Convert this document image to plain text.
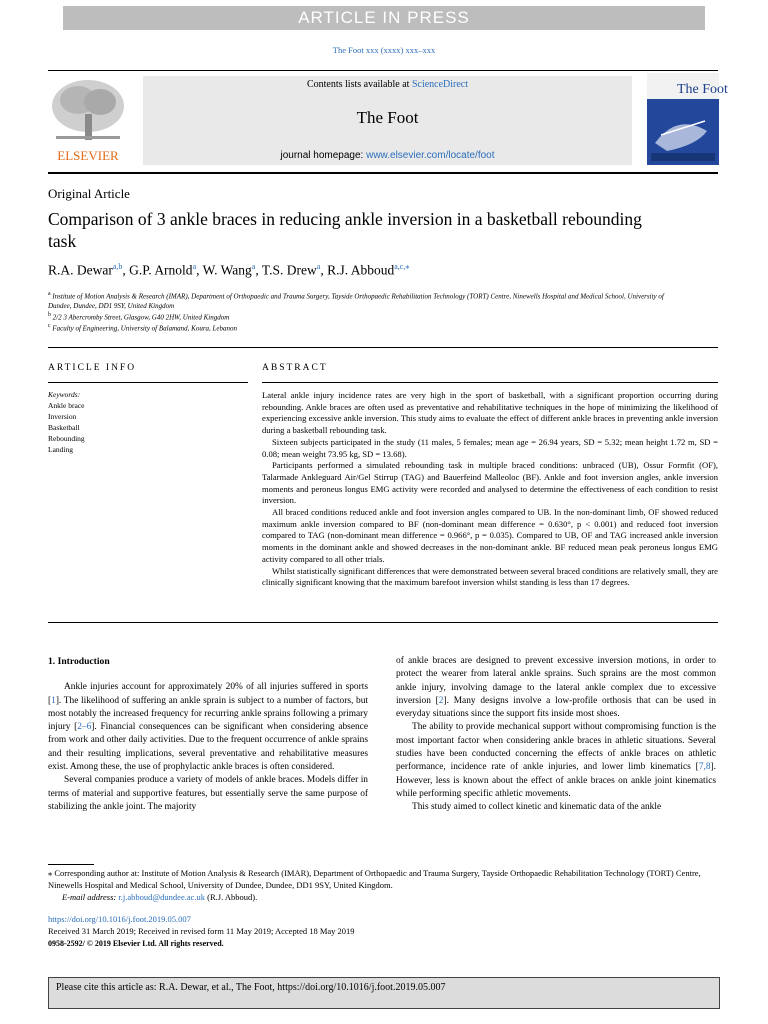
ARTICLE IN PRESS
The Foot xxx (xxxx) xxx–xxx
ELSEVIER
Contents lists available at ScienceDirect
The Foot
journal homepage: www.elsevier.com/locate/foot
The Foot
Original Article
Comparison of 3 ankle braces in reducing ankle inversion in a basketball rebounding task
R.A. Dewar$^{a,b}$, G.P. Arnold$^a$, W. Wang$^a$, T.S. Drew$^a$, R.J. Abboud$^{a,c,⁎}$
$^a$ Institute of Motion Analysis & Research (IMAR), Department of Orthopaedic and Trauma Surgery, Tayside Orthopaedic Rehabilitation Technology (TORT) Centre, Ninewells Hospital and Medical School, University of Dundee, Dundee, DD1 9SY, United Kingdom
$^b$ 2/2 3 Abercromby Street, Glasgow, G40 2HW, United Kingdom
$^c$ Faculty of Engineering, University of Balamand, Koura, Lebanon
ARTICLE INFO
Keywords:
Ankle brace
Inversion
Basketball
Rebounding
Landing
ABSTRACT

Lateral ankle injury incidence rates are very high in the sport of basketball, with a significant proportion occurring during rebounding. Ankle braces are often used as preventative and rehabilitative techniques in the hope of minimizing the likelihood of experiencing excessive ankle inversion. This study aims to evaluate the effect of different ankle braces in preventing ankle inversion during a basketball rebounding task.

Sixteen subjects participated in the study (11 males, 5 females; mean age = 26.94 years, SD = 5.32; mean height 1.72 m, SD = 0.08; mean weight 73.95 kg, SD = 13.68).

Participants performed a simulated rebounding task in multiple braced conditions: unbraced (UB), Ossur Formfit (OF), Talarmade Ankleguard Air/Gel Stirrup (TAG) and Bauerfeind Malleoloc (BF). Ankle and foot inversion angles, ankle inversion moments and peroneus longus EMG activity were recorded and analysed to determine the effectiveness of each condition to resist inversion.

All braced conditions reduced ankle and foot inversion angles compared to UB. In the non-dominant limb, OF showed reduced maximum ankle inversion compared to BF (non-dominant mean difference = 0.630°, p < 0.001) and reduced foot inversion compared to TAG (non-dominant mean difference = 0.966°, p = 0.035). Compared to UB, OF and TAG increased ankle inversion moments in the dominant ankle and showed decreases in the non-dominant ankle. BF reduced mean peak peroneus longus EMG activity compared to all other trials.

Whilst statistically significant differences that were demonstrated between several braced conditions are relatively small, they are clinically significant knowing that the maximum barefoot inversion whilst standing is less than 17 degrees.

1. Introduction

Ankle injuries account for approximately 20% of all injuries suffered in sports [1]. The likelihood of suffering an ankle sprain is subject to a number of factors, but most notably the increased frequency for recurring ankle sprains following a primary injury [2–6]. Financial consequences can be significant when considering absence from work and other daily activities. Due to the frequent occurrence of ankle sprains and their resulting implications, several preventative and rehabilitative measures exist. Among these, the use of prophylactic ankle braces is often considered.

Several companies produce a variety of models of ankle braces. Models differ in terms of material and supportive features, but essentially serve the same purpose of stabilizing the ankle joint. The majority

of ankle braces are designed to prevent excessive inversion motions, in order to protect the wearer from lateral ankle sprains. Such sprains are the most common ankle injury, involving damage to the lateral ankle complex due to excessive inversion [2]. Many designs involve a low-profile orthosis that can be used in everyday situations since the support fits inside most shoes.

The ability to provide mechanical support without compromising function is the most important factor when considering ankle braces in athletic situations. Several studies have been conducted concerning the effects of ankle braces on athletic performance, incidence rate of ankle injuries, and lower limb kinematics [7,8]. However, less is known about the effect of ankle braces on ankle joint kinematics while performing specific athletic movements.

This study aimed to collect kinetic and kinematic data of the ankle

⁎ Corresponding author at: Institute of Motion Analysis & Research (IMAR), Department of Orthopaedic and Trauma Surgery, Tayside Orthopaedic Rehabilitation Technology (TORT) Centre, Ninewells Hospital and Medical School, University of Dundee, Dundee, DD1 9SY, United Kingdom.
E-mail address: r.j.abboud@dundee.ac.uk (R.J. Abboud).
https://doi.org/10.1016/j.foot.2019.05.007
Received 31 March 2019; Received in revised form 11 May 2019; Accepted 18 May 2019
0958-2592/ © 2019 Elsevier Ltd. All rights reserved.
Please cite this article as: R.A. Dewar, et al., The Foot, https://doi.org/10.1016/j.foot.2019.05.007
